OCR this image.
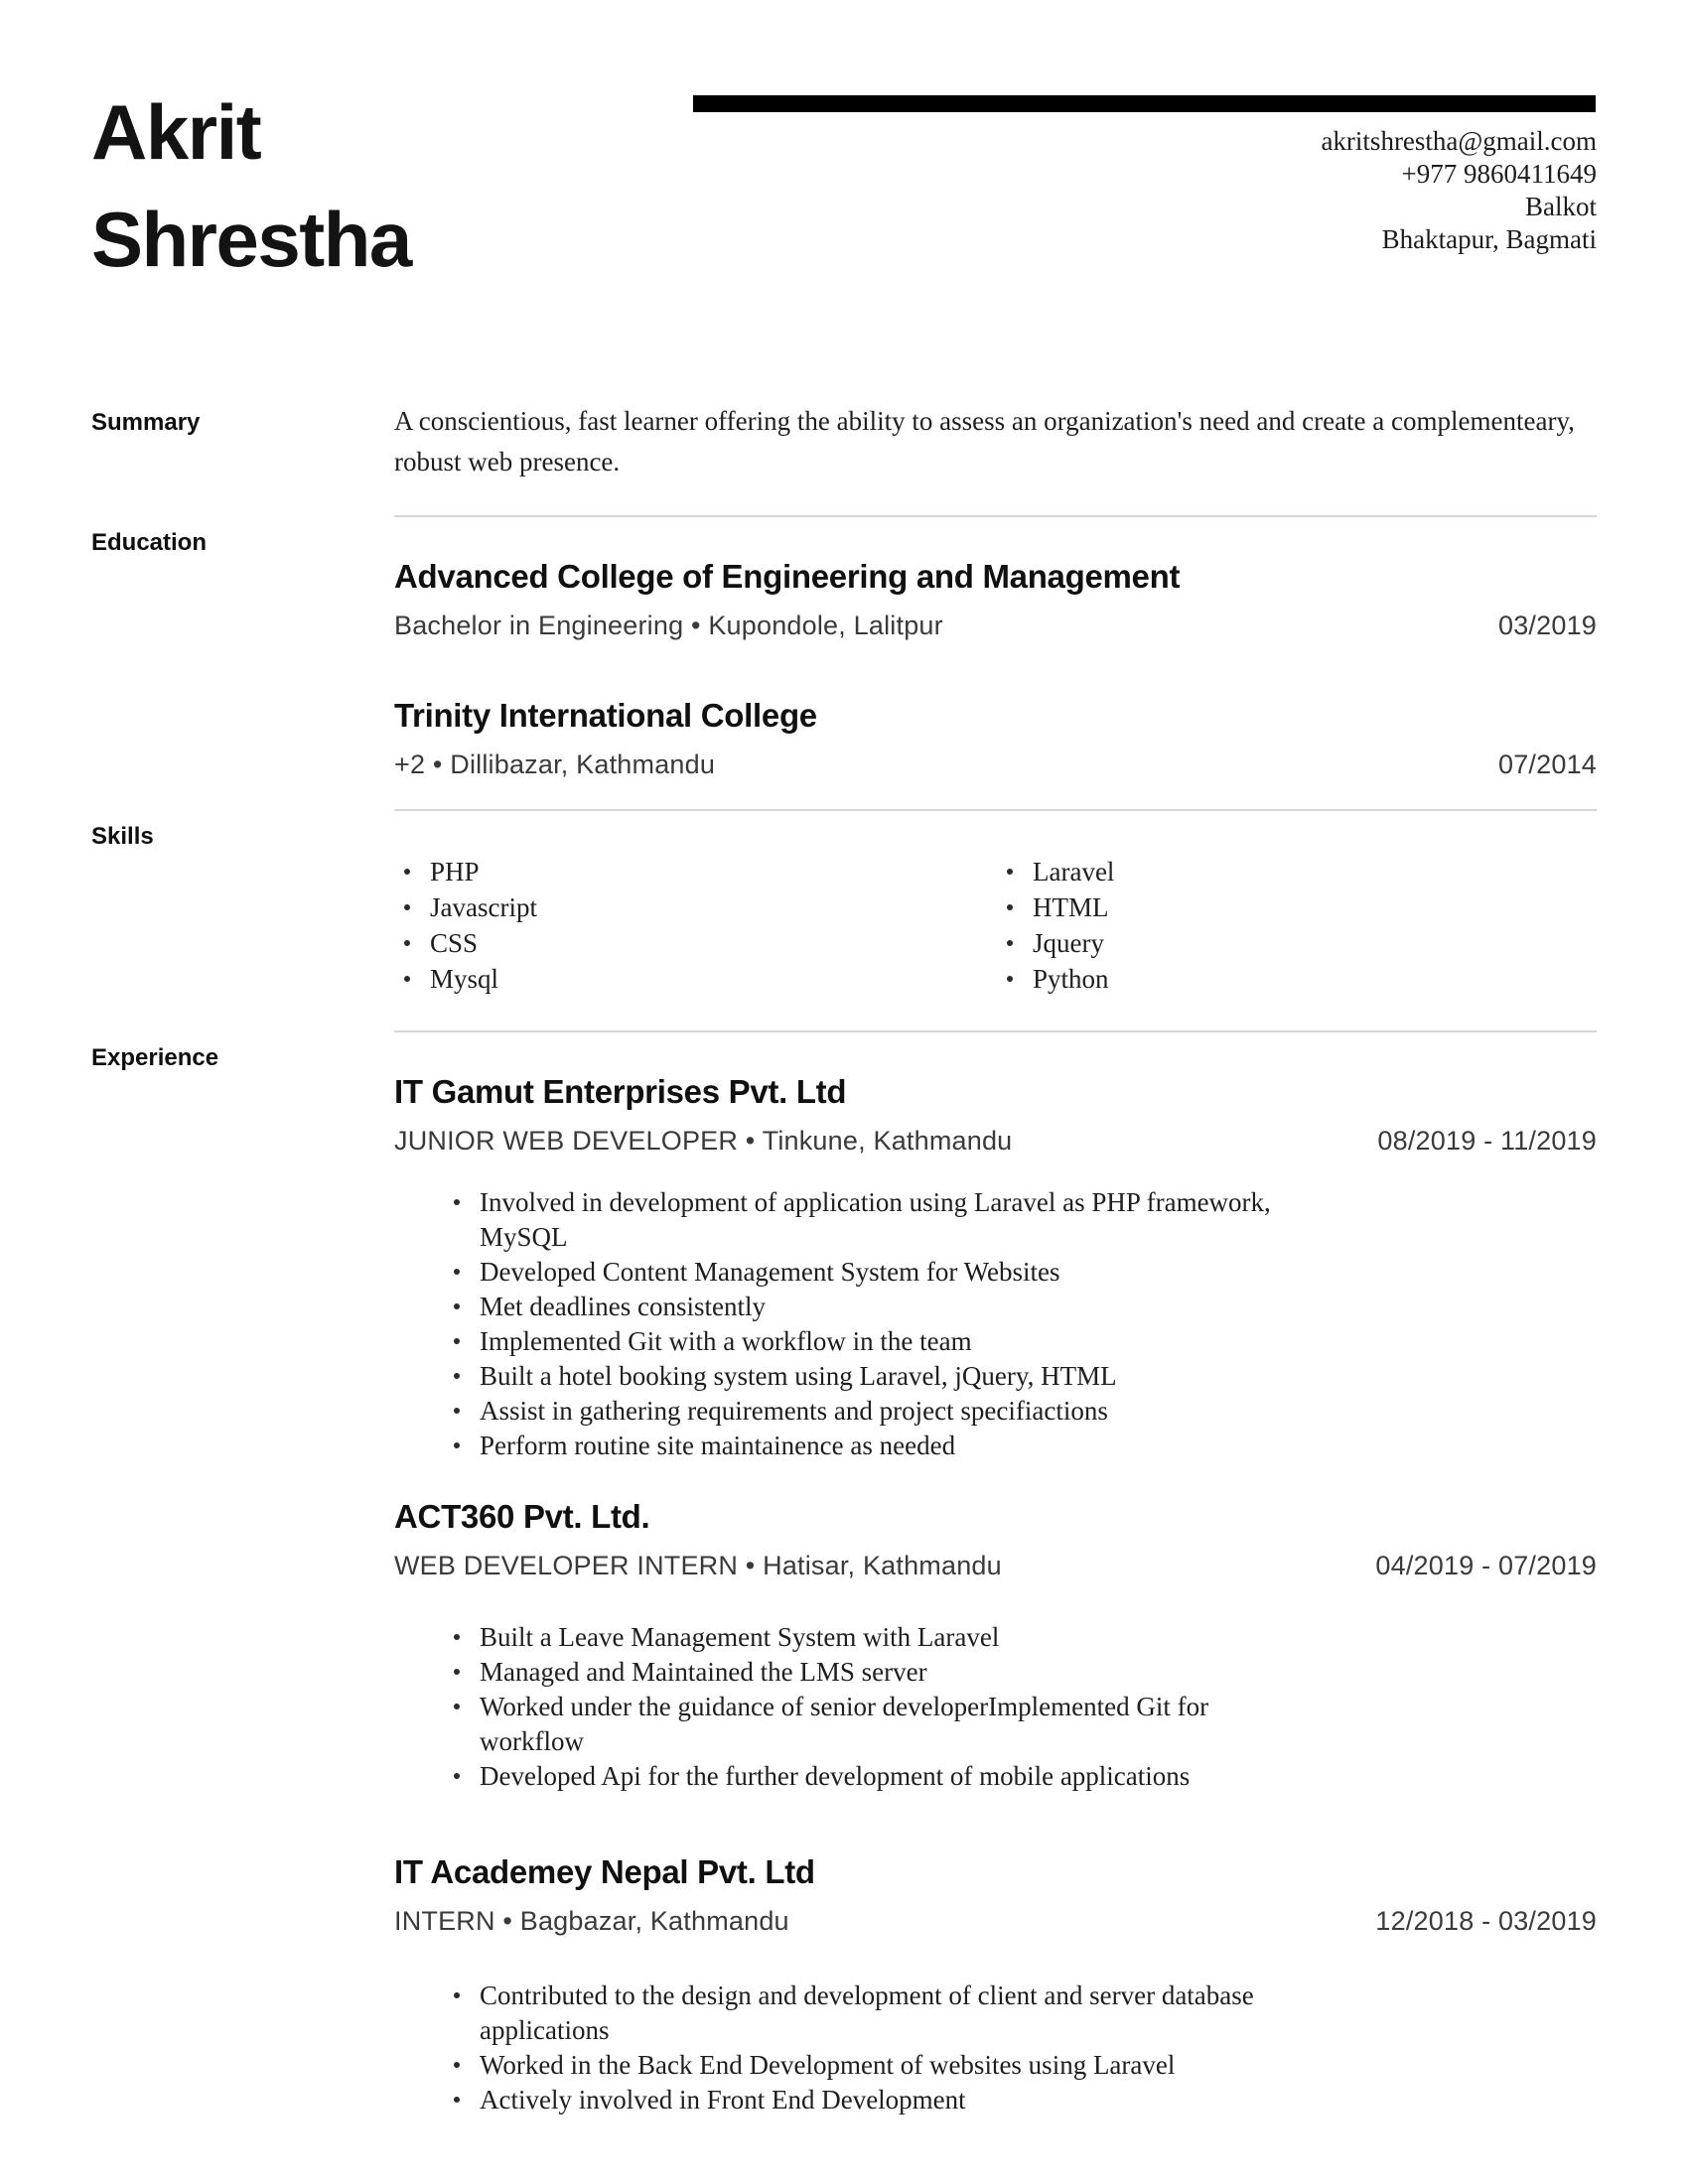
Akrit
Shrestha
akritshrestha@gmail.com
+977 9860411649
Balkot
Bhaktapur, Bagmati
Summary	A conscientious, fast learner offering the ability to assess an organization's need and create a complementeary, robust web presence.

Education
Advanced College of Engineering and Management
Bachelor in Engineering • Kupondole, Lalitpur	03/2019
Trinity International College
+2 • Dillibazar, Kathmandu	07/2014
Skills
PHP
Javascript
CSS
Mysql
Laravel
HTML
Jquery
Python
Experience
IT Gamut Enterprises Pvt. Ltd
JUNIOR WEB DEVELOPER • Tinkune, Kathmandu	08/2019 - 11/2019
Involved in development of application using Laravel as PHP framework, MySQL
Developed Content Management System for Websites
Met deadlines consistently
Implemented Git with a workflow in the team
Built a hotel booking system using Laravel, jQuery, HTML
Assist in gathering requirements and project specifiactions
Perform routine site maintainence as needed
ACT360 Pvt. Ltd.
WEB DEVELOPER INTERN • Hatisar, Kathmandu	04/2019 - 07/2019
Built a Leave Management System with Laravel
Managed and Maintained the LMS server
Worked under the guidance of senior developerImplemented Git for workflow
Developed Api for the further development of mobile applications
IT Academey Nepal Pvt. Ltd
INTERN • Bagbazar, Kathmandu	12/2018 - 03/2019
Contributed to the design and development of client and server database applications
Worked in the Back End Development of websites using Laravel
Actively involved in Front End Development
